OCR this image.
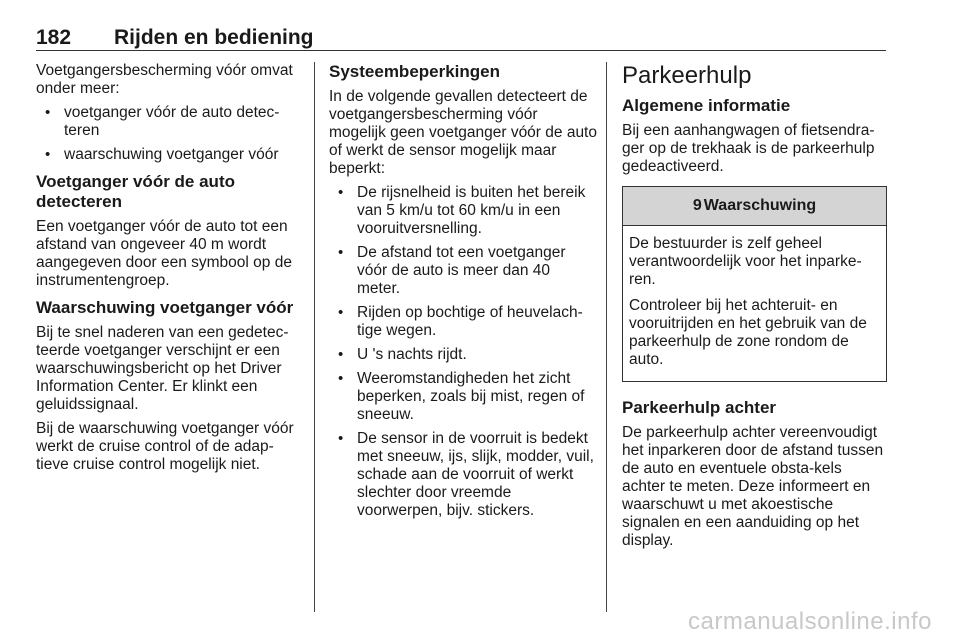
182 Rijden en bediening

Voetgangersbescherming vóór omvat onder meer:

• voetganger vóór de auto detec-teren
• waarschuwing voetganger vóór
Voetganger vóór de auto detecteren

Een voetganger vóór de auto tot een afstand van ongeveer 40 m wordt aangegeven door een symbool op de instrumentengroep.

Waarschuwing voetganger vóór

Bij te snel naderen van een gedetec-teerde voetganger verschijnt er een waarschuwingsbericht op het Driver Information Center. Er klinkt een geluidssignaal.

Bij de waarschuwing voetganger vóór werkt de cruise control of de adap-tieve cruise control mogelijk niet.

Systeembeperkingen

In de volgende gevallen detecteert de voetgangersbescherming vóór mogelijk geen voetganger vóór de auto of werkt de sensor mogelijk maar beperkt:

• De rijsnelheid is buiten het bereik van 5 km/u tot 60 km/u in een vooruitversnelling.
• De afstand tot een voetganger vóór de auto is meer dan 40 meter.
• Rijden op bochtige of heuvelach-tige wegen.
• U 's nachts rijdt.
• Weeromstandigheden het zicht beperken, zoals bij mist, regen of sneeuw.
• De sensor in de voorruit is bedekt met sneeuw, ijs, slijk, modder, vuil, schade aan de voorruit of werkt slechter door vreemde voorwerpen, bijv. stickers.
Parkeerhulp
Algemene informatie

Bij een aanhangwagen of fietsendra-ger op de trekhaak is de parkeerhulp gedeactiveerd.

9 Waarschuwing

De bestuurder is zelf geheel verantwoordelijk voor het inparke-ren.

Controleer bij het achteruit- en vooruitrijden en het gebruik van de parkeerhulp de zone rondom de auto.

Parkeerhulp achter

De parkeerhulp achter vereenvoudigt het inparkeren door de afstand tussen de auto en eventuele obsta-kels achter te meten. Deze informeert en waarschuwt u met akoestische signalen en een aanduiding op het display.

carmanualsonline.info
